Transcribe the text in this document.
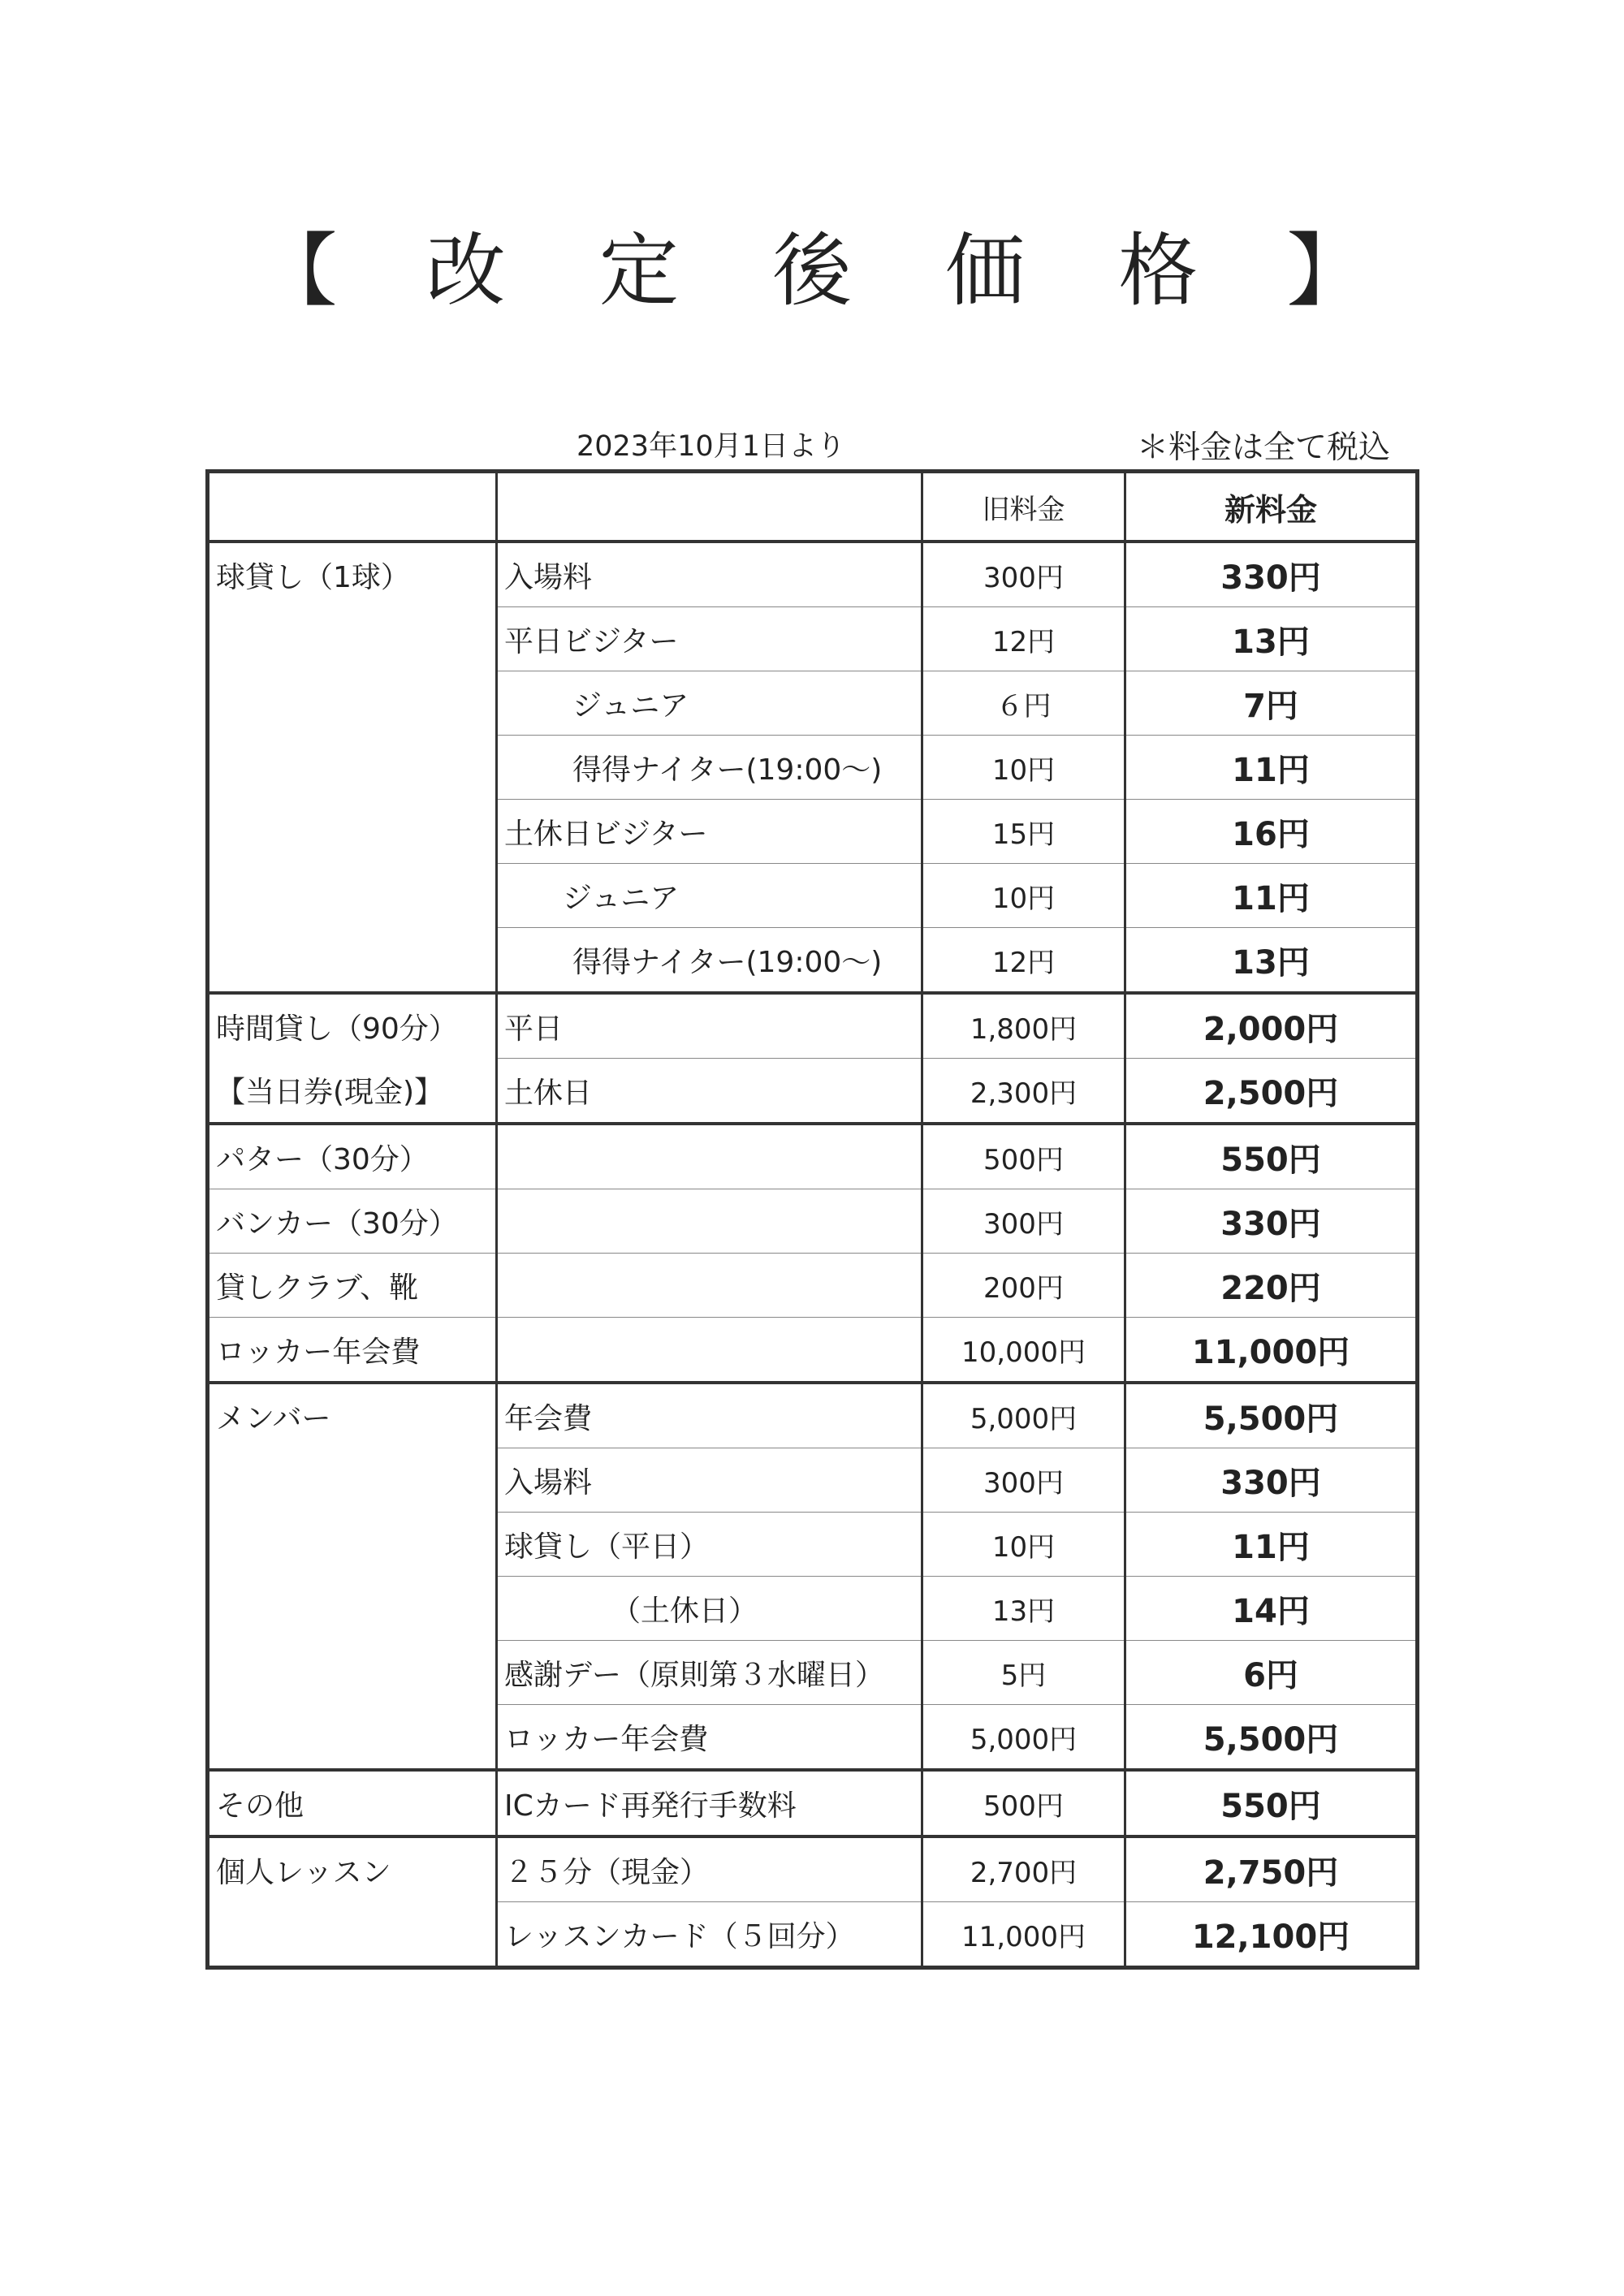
【 改 定 後 価 格 】
2023年10月1日より	＊料金は全て税込
		旧料金	新料金
球貸し（1球）	入場料	300円	330円
	平日ビジター	12円	13円
	ジュニア	６円	7円
	得得ナイター(19:00～)	10円	11円
	土休日ビジター	15円	16円
	ジュニア	10円	11円
	得得ナイター(19:00～)	12円	13円
時間貸し（90分）	平日	1,800円	2,000円
【当日券(現金)】	土休日	2,300円	2,500円
パター（30分）		500円	550円
バンカー（30分）		300円	330円
貸しクラブ、靴		200円	220円
ロッカー年会費		10,000円	11,000円
メンバー	年会費	5,000円	5,500円
	入場料	300円	330円
	球貸し（平日）	10円	11円
	（土休日）	13円	14円
	感謝デー（原則第３水曜日）	5円	6円
	ロッカー年会費	5,000円	5,500円
その他	ICカード再発行手数料	500円	550円
個人レッスン	２５分（現金）	2,700円	2,750円
	レッスンカード（５回分）	11,000円	12,100円
